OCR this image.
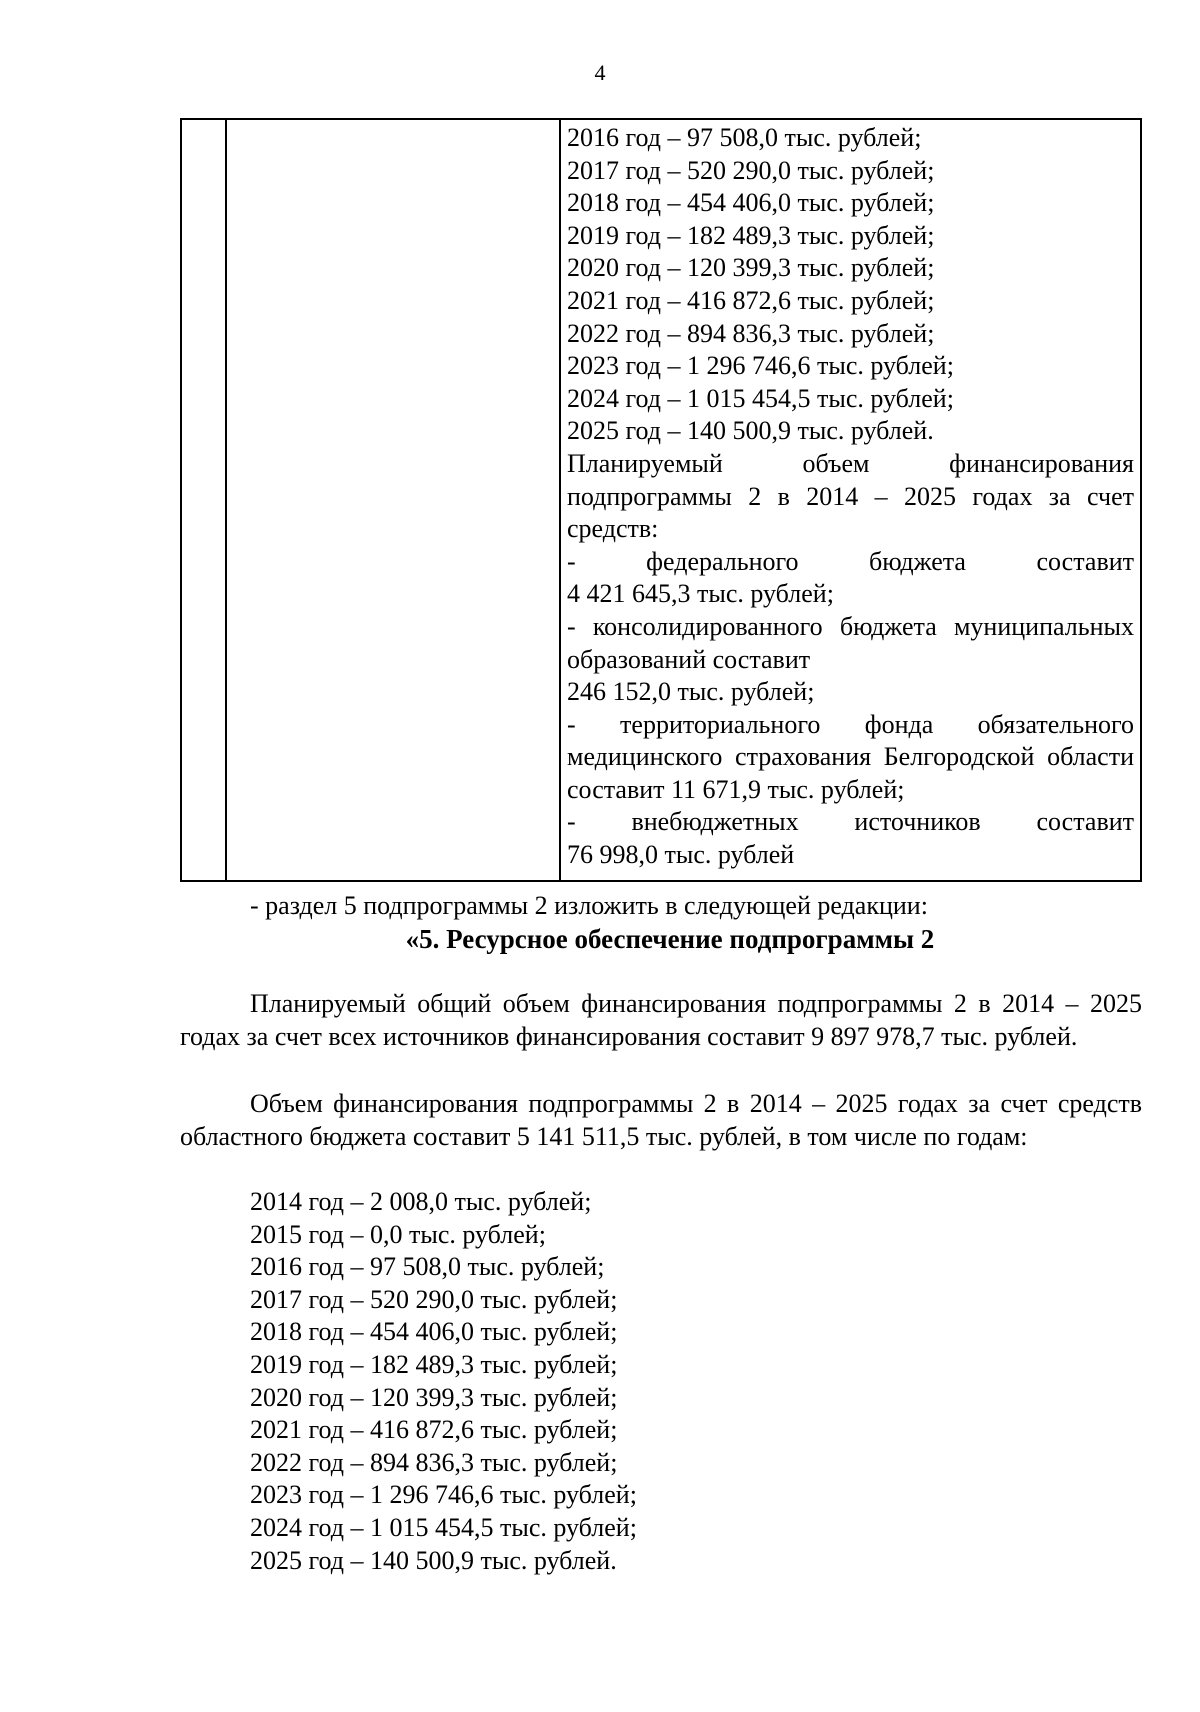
4

2016 год – 97 508,0 тыс. рублей;
2017 год – 520 290,0 тыс. рублей;
2018 год – 454 406,0 тыс. рублей;
2019 год – 182 489,3 тыс. рублей;
2020 год – 120 399,3 тыс. рублей;
2021 год – 416 872,6 тыс. рублей;
2022 год – 894 836,3 тыс. рублей;
2023 год – 1 296 746,6 тыс. рублей;
2024 год – 1 015 454,5 тыс. рублей;
2025 год – 140 500,9 тыс. рублей.
Планируемый объем финансирования подпрограммы 2 в 2014 – 2025 годах за счет средств:
- федерального бюджета составит
4 421 645,3 тыс. рублей;
- консолидированного бюджета муниципальных образований составит
246 152,0 тыс. рублей;
- территориального фонда обязательного медицинского страхования Белгородской области составит 11 671,9 тыс. рублей;
- внебюджетных источников составит
76 998,0 тыс. рублей
- раздел 5 подпрограммы 2 изложить в следующей редакции:
«5. Ресурсное обеспечение подпрограммы 2
Планируемый общий объем финансирования подпрограммы 2 в 2014 – 2025 годах за счет всех источников финансирования составит 9 897 978,7 тыс. рублей.
Объем финансирования подпрограммы 2 в 2014 – 2025 годах за счет средств областного бюджета составит 5 141 511,5 тыс. рублей, в том числе по годам:
2014 год – 2 008,0 тыс. рублей;
2015 год – 0,0 тыс. рублей;
2016 год – 97 508,0 тыс. рублей;
2017 год – 520 290,0 тыс. рублей;
2018 год – 454 406,0 тыс. рублей;
2019 год – 182 489,3 тыс. рублей;
2020 год – 120 399,3 тыс. рублей;
2021 год – 416 872,6 тыс. рублей;
2022 год – 894 836,3 тыс. рублей;
2023 год – 1 296 746,6 тыс. рублей;
2024 год – 1 015 454,5 тыс. рублей;
2025 год – 140 500,9 тыс. рублей.
